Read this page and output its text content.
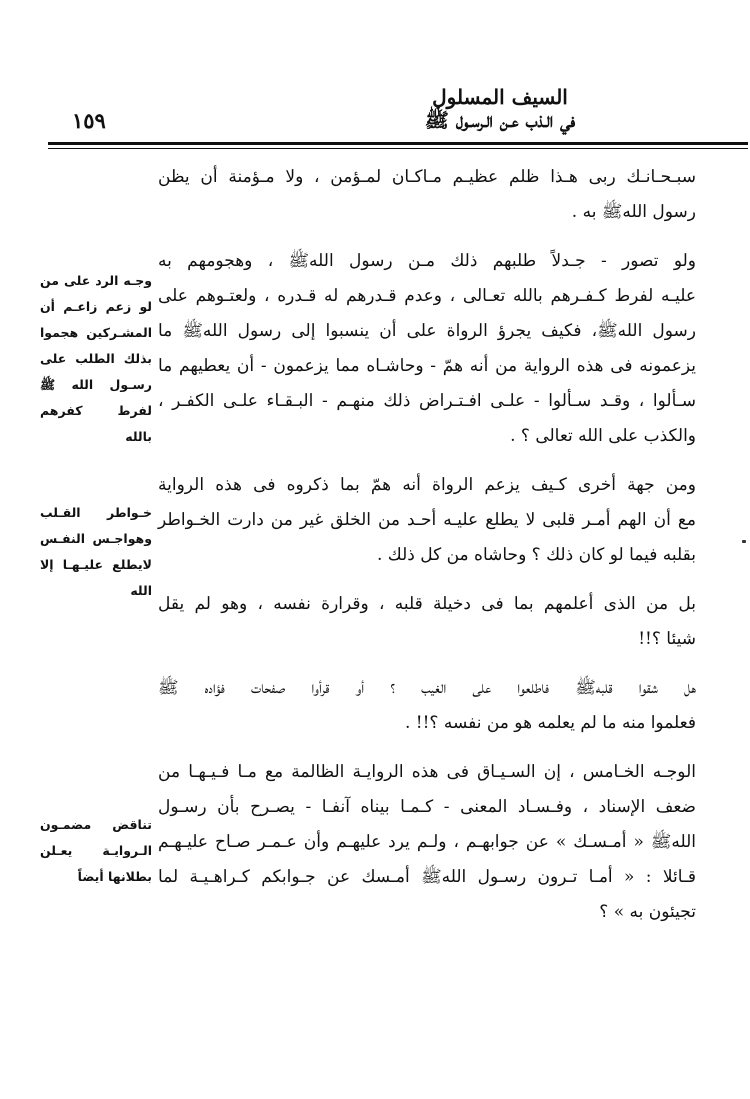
١٥٩
السيف المسلول
في الـذب عـن الـرسـول ﷺ

سبـحـانـك ربى هـذا ظلم عظيـم مـاكـان لمـؤمن ، ولا مـؤمنة أن يظن
رسول اللهﷺ به .

ولو تصور - جـدلاً طلبهم ذلك مـن رسول اللهﷺ ، وهجومهم به
عليـه لفرط كـفـرهم بالله تعـالى ، وعدم قـدرهم له قـدره ، ولعتـوهم على
رسول اللهﷺ، فكيف يجرؤ الرواة على أن ينسبوا إلى رسول اللهﷺ ما
يزعمونه فى هذه الرواية من أنه همّ - وحاشـاه مما يزعمون - أن يعطيهم ما
سـألوا ، وقـد سـألوا - علـى افـتـراض ذلك منهـم - البـقـاء علـى الكفـر ،
والكذب على الله تعالى ؟ .

ومن جهة أخرى كـيف يزعم الرواة أنه همّ بما ذكروه فى هذه الرواية
مع أن الهم أمـر قلبى لا يطلع عليـه أحـد من الخلق غير من دارت الخـواطر
بقلبه فيما لو كان ذلك ؟ وحاشاه من كل ذلك .

بل من الذى أعلمهم بما فى دخيلة قلبه ، وقرارة نفسه ، وهو لم يقل
شيئا ؟!!

هل شقوا قلبهﷺ فاطلعوا على الغيب ؟ أو قرأوا صفحات فؤاده ﷺ
فعلموا منه ما لم يعلمه هو من نفسه ؟!! .

الوجـه الخـامس ، إن السـيـاق فى هذه الروايـة الظالمة مع مـا فـيـهـا من
ضعف الإسناد ، وفـسـاد المعنى - كـمـا بيناه آنفـا - يصـرح بأن رسـول
اللهﷺ « أمـسـك » عن جوابهـم ، ولـم يرد عليهـم وأن عـمـر صـاح عليـهـم
قـائلا : « أمـا تـرون رسـول اللهﷺ أمـسك عن جـوابكم كـراهـيـة لما
تجيئون به » ؟

وجـه الرد على من لو زعم زاعـم أن المشـركين هجموا بذلك الطلب على رسـول الله ﷺ لفرط كفرهم بالله
خـواطر القـلب وهواجـس النفـس لايطلع عليـهـا إلا الله
تناقض مضمـون الـروايـة يعـلن بطلانها أيضاً
